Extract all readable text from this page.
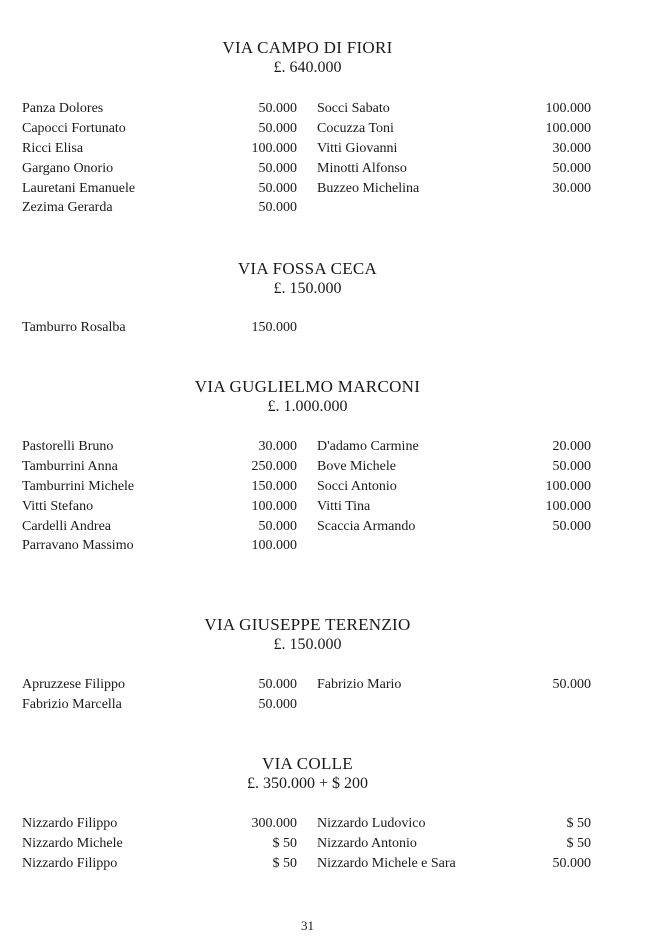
VIA CAMPO DI FIORI
£. 640.000
Panza Dolores	50.000 Socci Sabato	100.000
Capocci Fortunato	50.000 Cocuzza Toni	100.000
Ricci Elisa	100.000 Vitti Giovanni	30.000
Gargano Onorio	50.000 Minotti Alfonso	50.000
Lauretani Emanuele	50.000 Buzzeo Michelina	30.000
Zezima Gerarda	50.000
VIA FOSSA CECA
£. 150.000
Tamburro Rosalba	150.000
VIA GUGLIELMO MARCONI
£. 1.000.000
Pastorelli Bruno	30.000 D'adamo Carmine	20.000
Tamburrini Anna	250.000 Bove Michele	50.000
Tamburrini Michele	150.000 Socci Antonio	100.000
Vitti Stefano	100.000 Vitti Tina	100.000
Cardelli Andrea	50.000 Scaccia Armando	50.000
Parravano Massimo	100.000
VIA GIUSEPPE TERENZIO
£. 150.000
Apruzzese Filippo	50.000 Fabrizio Mario	50.000
Fabrizio Marcella	50.000
VIA COLLE
£. 350.000 + $ 200
Nizzardo Filippo	300.000 Nizzardo Ludovico	$ 50
Nizzardo Michele	$ 50 Nizzardo Antonio	$ 50
Nizzardo Filippo	$ 50 Nizzardo Michele e Sara	50.000
31
